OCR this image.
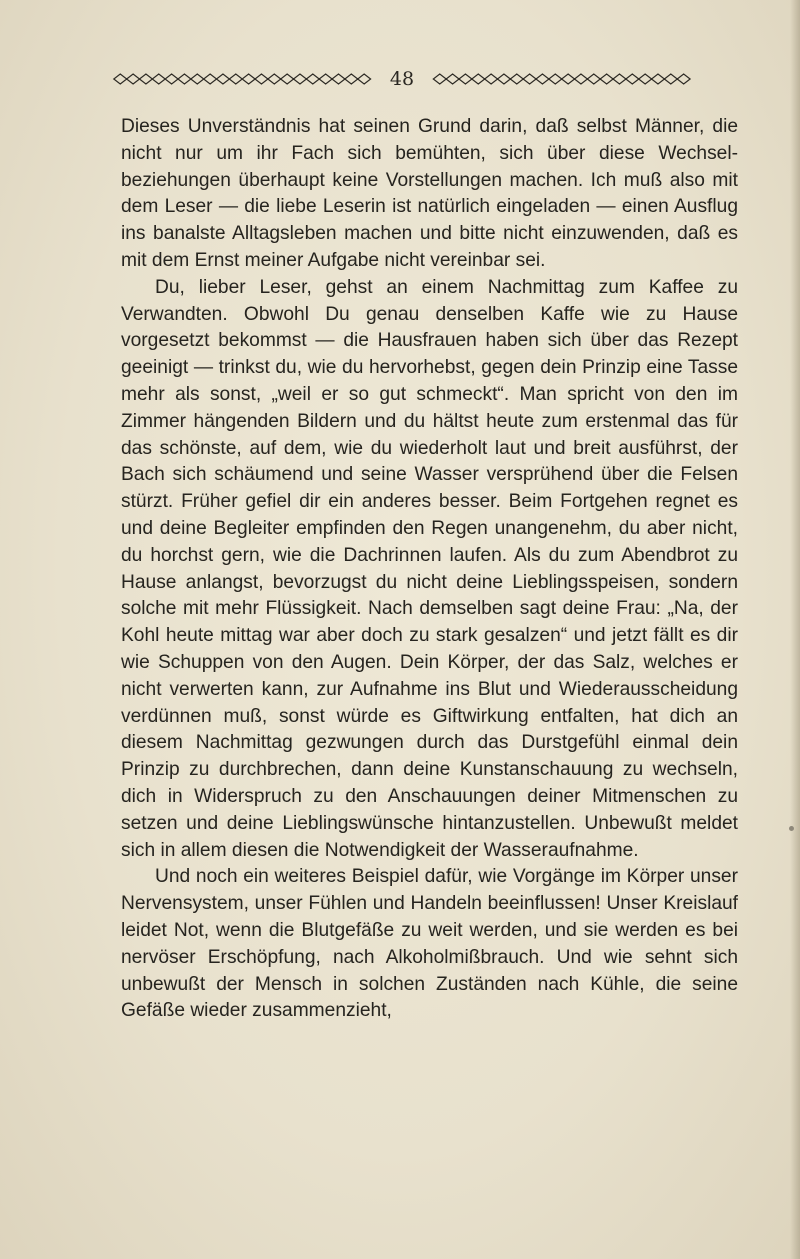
48

Dieses Unverständnis hat seinen Grund darin, daß selbst Männer, die nicht nur um ihr Fach sich bemühten, sich über diese Wechselbeziehungen überhaupt keine Vorstellungen machen. Ich muß also mit dem Leser — die liebe Leserin ist natürlich eingeladen — einen Ausflug ins banalste Alltagsleben machen und bitte nicht einzuwenden, daß es mit dem Ernst meiner Aufgabe nicht vereinbar sei.

Du, lieber Leser, gehst an einem Nachmittag zum Kaffee zu Verwandten. Obwohl Du genau denselben Kaffe wie zu Hause vorgesetzt bekommst — die Hausfrauen haben sich über das Rezept geeinigt — trinkst du, wie du hervorhebst, gegen dein Prinzip eine Tasse mehr als sonst, „weil er so gut schmeckt“. Man spricht von den im Zimmer hängenden Bildern und du hältst heute zum erstenmal das für das schönste, auf dem, wie du wiederholt laut und breit ausführst, der Bach sich schäumend und seine Wasser versprühend über die Felsen stürzt. Früher gefiel dir ein anderes besser. Beim Fortgehen regnet es und deine Begleiter empfinden den Regen unangenehm, du aber nicht, du horchst gern, wie die Dachrinnen laufen. Als du zum Abendbrot zu Hause anlangst, bevorzugst du nicht deine Lieblingsspeisen, sondern solche mit mehr Flüssigkeit. Nach demselben sagt deine Frau: „Na, der Kohl heute mittag war aber doch zu stark gesalzen“ und jetzt fällt es dir wie Schuppen von den Augen. Dein Körper, der das Salz, welches er nicht verwerten kann, zur Aufnahme ins Blut und Wiederausscheidung verdünnen muß, sonst würde es Giftwirkung entfalten, hat dich an diesem Nachmittag gezwungen durch das Durstgefühl einmal dein Prinzip zu durchbrechen, dann deine Kunstanschauung zu wechseln, dich in Widerspruch zu den Anschauungen deiner Mitmenschen zu setzen und deine Lieblingswünsche hintanzustellen. Unbewußt meldet sich in allem diesen die Notwendigkeit der Wasseraufnahme.

Und noch ein weiteres Beispiel dafür, wie Vorgänge im Körper unser Nervensystem, unser Fühlen und Handeln beeinflussen! Unser Kreislauf leidet Not, wenn die Blutgefäße zu weit werden, und sie werden es bei nervöser Erschöpfung, nach Alkoholmißbrauch. Und wie sehnt sich unbewußt der Mensch in solchen Zuständen nach Kühle, die seine Gefäße wieder zusammenzieht,
